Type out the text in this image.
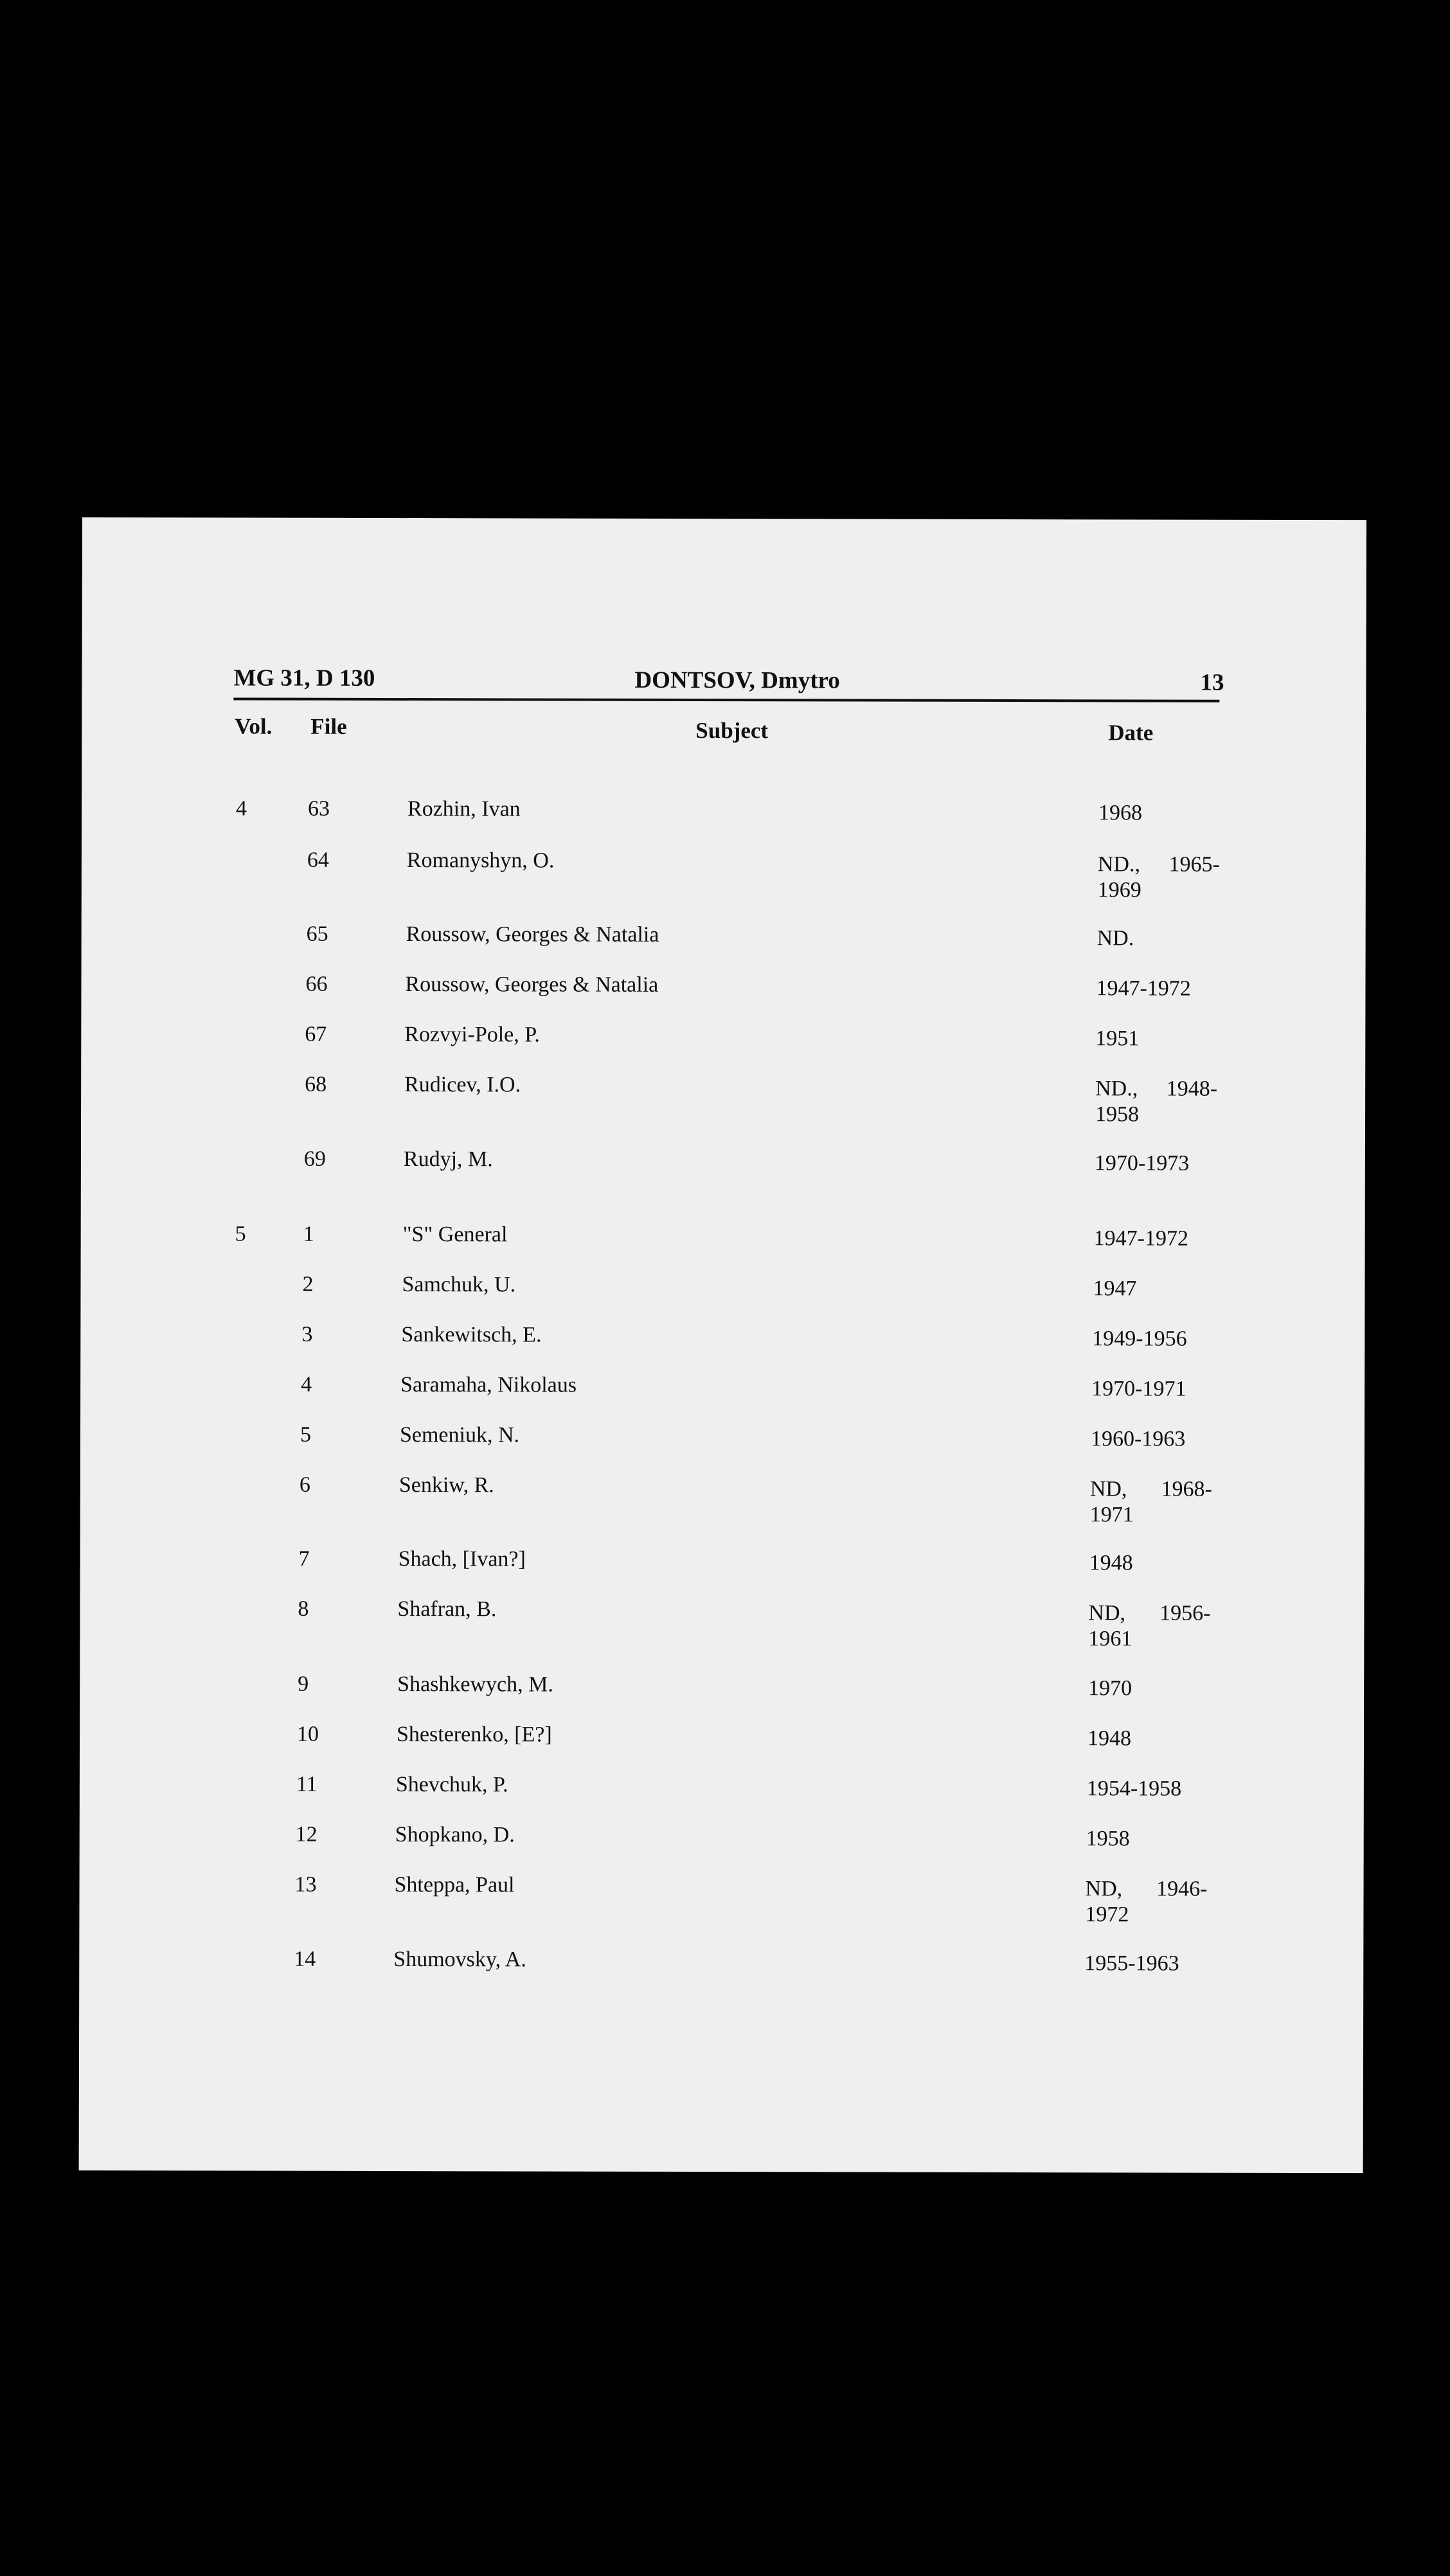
MG 31, D 130	DONTSOV, Dmytro	13
Vol. File	Subject	Date
4	63	Rozhin, Ivan	1968
64	Romanyshyn, O.	ND., 1965-
1969
65	Roussow, Georges & Natalia	ND.
66	Roussow, Georges & Natalia	1947-1972
67	Rozvyi-Pole, P.	1951
68	Rudicev, I.O.	ND., 1948-
1958
69	Rudyj, M.	1970-1973
5	1	"S" General	1947-1972
2	Samchuk, U.	1947
3	Sankewitsch, E.	1949-1956
4	Saramaha, Nikolaus	1970-1971
5	Semeniuk, N.	1960-1963
6	Senkiw, R.	ND, 1968-
1971
7	Shach, [Ivan?]	1948
8	Shafran, B.	ND, 1956-
1961
9	Shashkewych, M.	1970
10	Shesterenko, [E?]	1948
11	Shevchuk, P.	1954-1958
12	Shopkano, D.	1958
13	Shteppa, Paul	ND, 1946-
1972
14	Shumovsky, A.	1955-1963
